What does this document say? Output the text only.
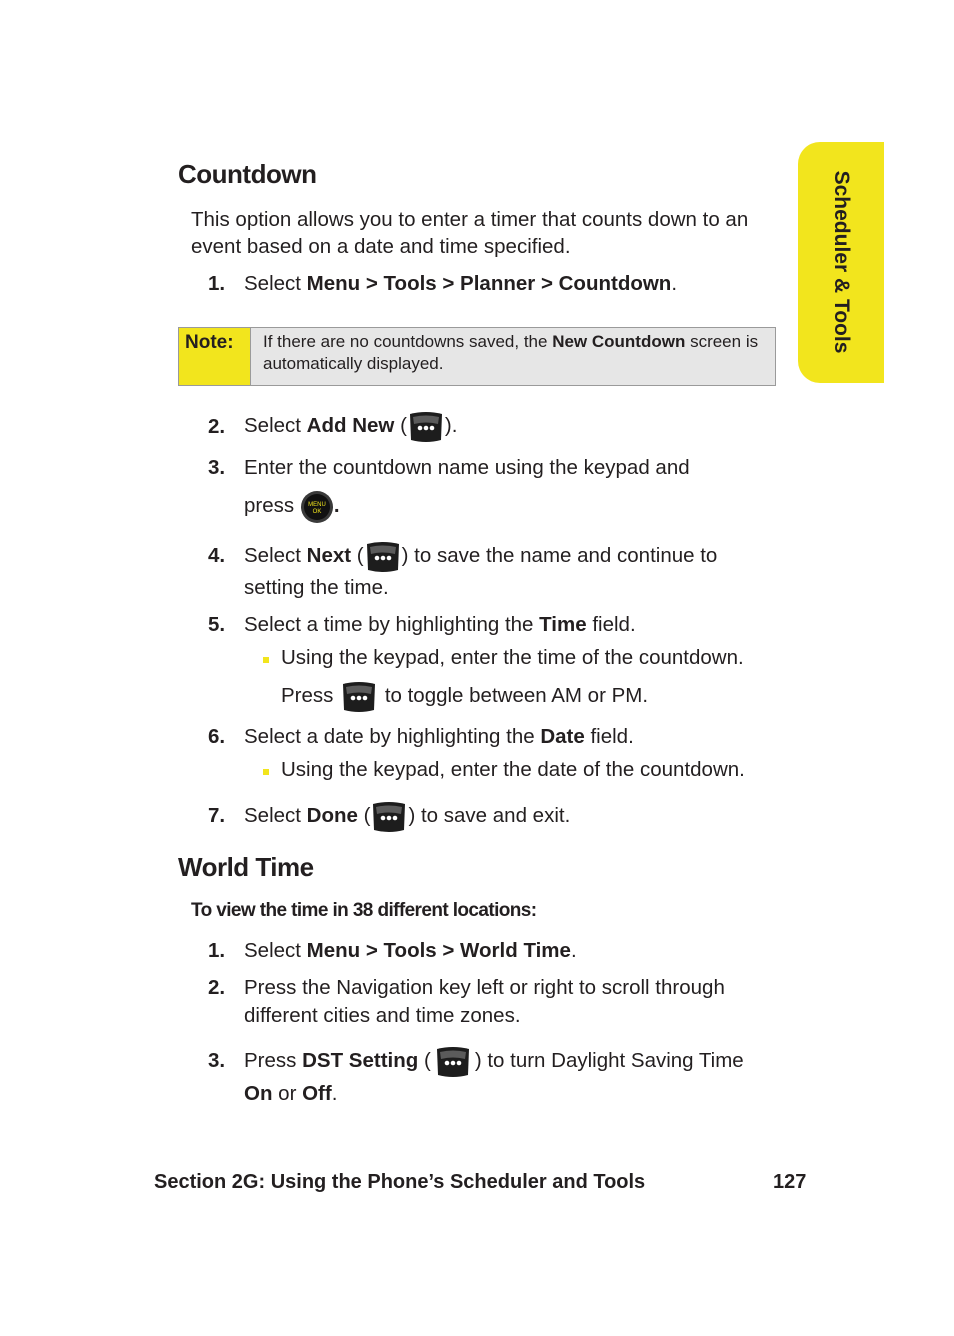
Scheduler & Tools
Countdown
This option allows you to enter a timer that counts down to an event based on a date and time specified.
1. Select Menu > Tools > Planner > Countdown.
Note:	If there are no countdowns saved, the New Countdown screen is automatically displayed.
2. Select Add New ( ).
3. Enter the countdown name using the keypad and
press MENU
OK .
4. Select Next ( ) to save the name and continue to
setting the time.
5. Select a time by highlighting the Time field.
Using the keypad, enter the time of the countdown.
Press	to toggle between AM or PM.
6. Select a date by highlighting the Date field.
Using the keypad, enter the date of the countdown.
7. Select Done ( ) to save and exit.
World Time
To view the time in 38 different locations:
1. Select Menu > Tools > World Time.
2. Press the Navigation key left or right to scroll through
different cities and time zones.
3. Press DST Setting ( ) to turn Daylight Saving Time
On or Off.
Section 2G: Using the Phone’s Scheduler and Tools	127
